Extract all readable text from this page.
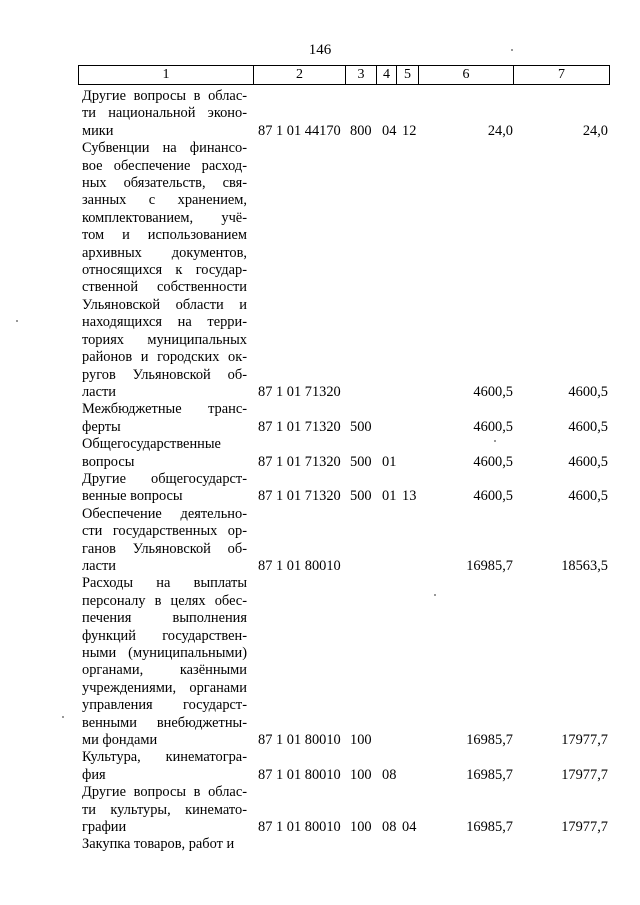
146
1	2	3	4	5	6	7
Другие вопросы в облас-
ти национальной эконо-
мики	87 1 01 44170 800 04 12	24,0	24,0
Субвенции на финансо-
вое обеспечение расход-
ных обязательств, свя-
занных с хранением,
комплектованием, учё-
том и использованием
архивных документов,
относящихся к государ-
ственной собственности
Ульяновской области и
находящихся на терри-
ториях муниципальных
районов и городских ок-
ругов Ульяновской об-
ласти	87 1 01 71320	4600,5	4600,5
Межбюджетные транс-
ферты	87 1 01 71320 500	4600,5	4600,5
Общегосударственные
вопросы	87 1 01 71320 500 01	4600,5	4600,5
Другие общегосударст-
венные вопросы	87 1 01 71320 500 01 13	4600,5	4600,5
Обеспечение деятельно-
сти государственных ор-
ганов Ульяновской об-
ласти	87 1 01 80010	16985,7	18563,5
Расходы на выплаты
персоналу в целях обес-
печения выполнения
функций государствен-
ными (муниципальными)
органами, казёнными
учреждениями, органами
управления государст-
венными внебюджетны-
ми фондами	87 1 01 80010 100	16985,7	17977,7
Культура, кинематогра-
фия	87 1 01 80010 100 08	16985,7	17977,7
Другие вопросы в облас-
ти культуры, кинемато-
графии	87 1 01 80010 100 08 04	16985,7	17977,7
Закупка товаров, работ и
